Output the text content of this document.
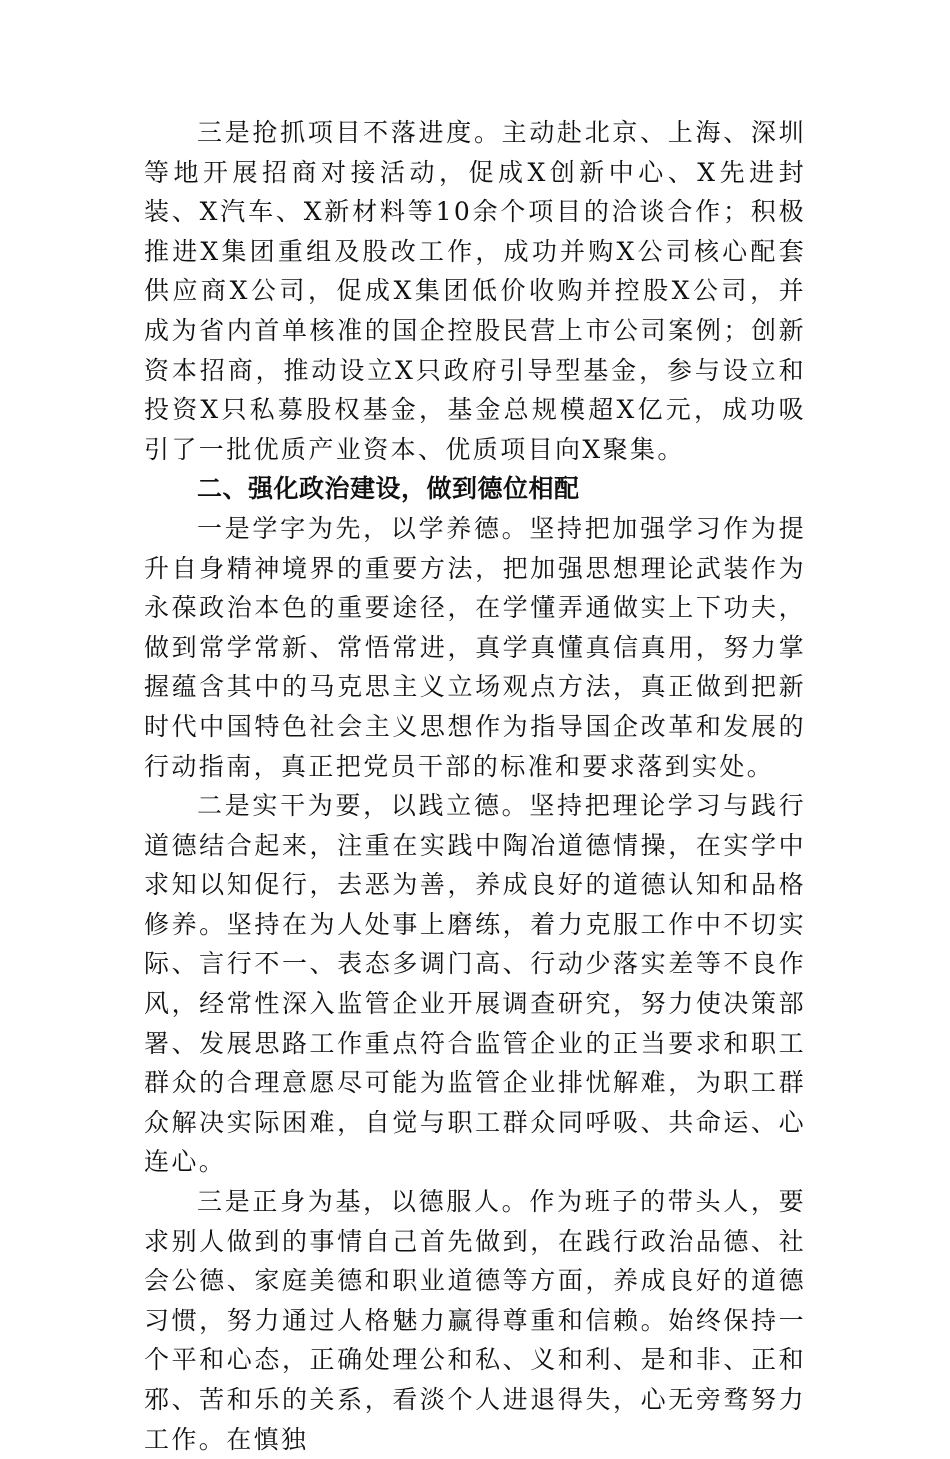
三是抢抓项目不落进度。主动赴北京、上海、深圳等地开展招商对接活动，促成X创新中心、X先进封装、X汽车、X新材料等10余个项目的洽谈合作；积极推进X集团重组及股改工作，成功并购X公司核心配套供应商X公司，促成X集团低价收购并控股X公司，并成为省内首单核准的国企控股民营上市公司案例；创新资本招商，推动设立X只政府引导型基金，参与设立和投资X只私募股权基金，基金总规模超X亿元，成功吸引了一批优质产业资本、优质项目向X聚集。

二、强化政治建设，做到德位相配

一是学字为先，以学养德。坚持把加强学习作为提升自身精神境界的重要方法，把加强思想理论武装作为永葆政治本色的重要途径，在学懂弄通做实上下功夫，做到常学常新、常悟常进，真学真懂真信真用，努力掌握蕴含其中的马克思主义立场观点方法，真正做到把新时代中国特色社会主义思想作为指导国企改革和发展的行动指南，真正把党员干部的标准和要求落到实处。

二是实干为要，以践立德。坚持把理论学习与践行道德结合起来，注重在实践中陶冶道德情操，在实学中求知以知促行，去恶为善，养成良好的道德认知和品格修养。坚持在为人处事上磨练，着力克服工作中不切实际、言行不一、表态多调门高、行动少落实差等不良作风，经常性深入监管企业开展调查研究，努力使决策部署、发展思路工作重点符合监管企业的正当要求和职工群众的合理意愿尽可能为监管企业排忧解难，为职工群众解决实际困难，自觉与职工群众同呼吸、共命运、心连心。

三是正身为基，以德服人。作为班子的带头人，要求别人做到的事情自己首先做到，在践行政治品德、社会公德、家庭美德和职业道德等方面，养成良好的道德习惯，努力通过人格魅力赢得尊重和信赖。始终保持一个平和心态，正确处理公和私、义和利、是和非、正和邪、苦和乐的关系，看淡个人进退得失，心无旁骛努力工作。在慎独
